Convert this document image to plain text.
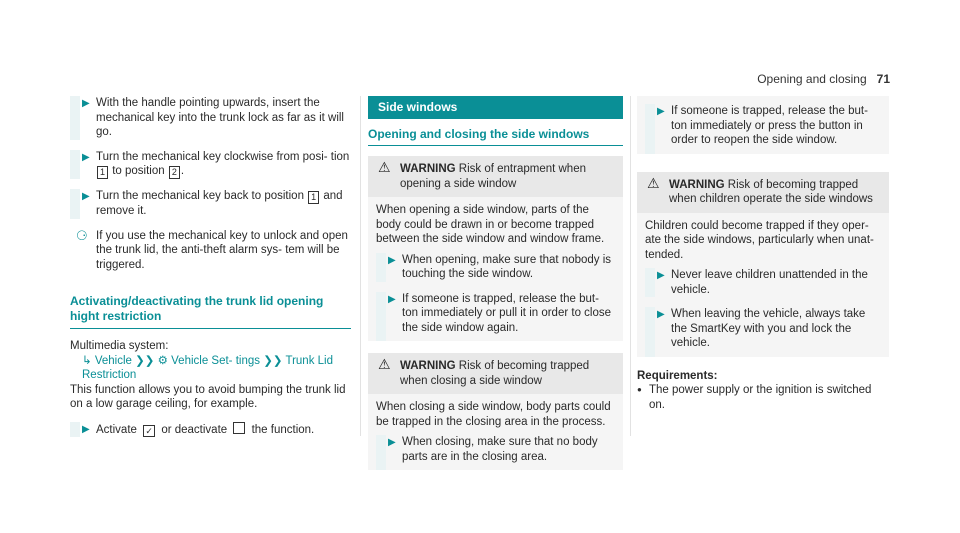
Opening and closing 71
▶ With the handle pointing upwards, insert the mechanical key into the trunk lock as far as it will go.
▶ Turn the mechanical key clockwise from posi- tion 1 to position 2 .
▶ Turn the mechanical key back to position 1 and remove it.
⚆ If you use the mechanical key to unlock and open the trunk lid, the anti-theft alarm sys- tem will be triggered.
Activating/deactivating the trunk lid opening hight restriction
Multimedia system:
↳ Vehicle ❯❯ ⚙ Vehicle Set- tings ❯❯ Trunk Lid Restriction
This function allows you to avoid bumping the trunk lid on a low garage ceiling, for example.
▶ Activate ✓ or deactivate the function.
Side windows
Opening and closing the side windows
⚠ WARNING Risk of entrapment when opening a side window
When opening a side window, parts of the body could be drawn in or become trapped between the side window and window frame.
▶ When opening, make sure that nobody is touching the side window.
▶ If someone is trapped, release the but- ton immediately or pull it in order to close the side window again.
⚠ WARNING Risk of becoming trapped when closing a side window
When closing a side window, body parts could be trapped in the closing area in the process.
▶ When closing, make sure that no body parts are in the closing area.
▶ If someone is trapped, release the but- ton immediately or press the button in order to reopen the side window.
⚠ WARNING Risk of becoming trapped when children operate the side windows
Children could become trapped if they oper- ate the side windows, particularly when unat- tended.
▶ Never leave children unattended in the vehicle.
▶ When leaving the vehicle, always take the SmartKey with you and lock the vehicle.
Requirements:
● The power supply or the ignition is switched on.
